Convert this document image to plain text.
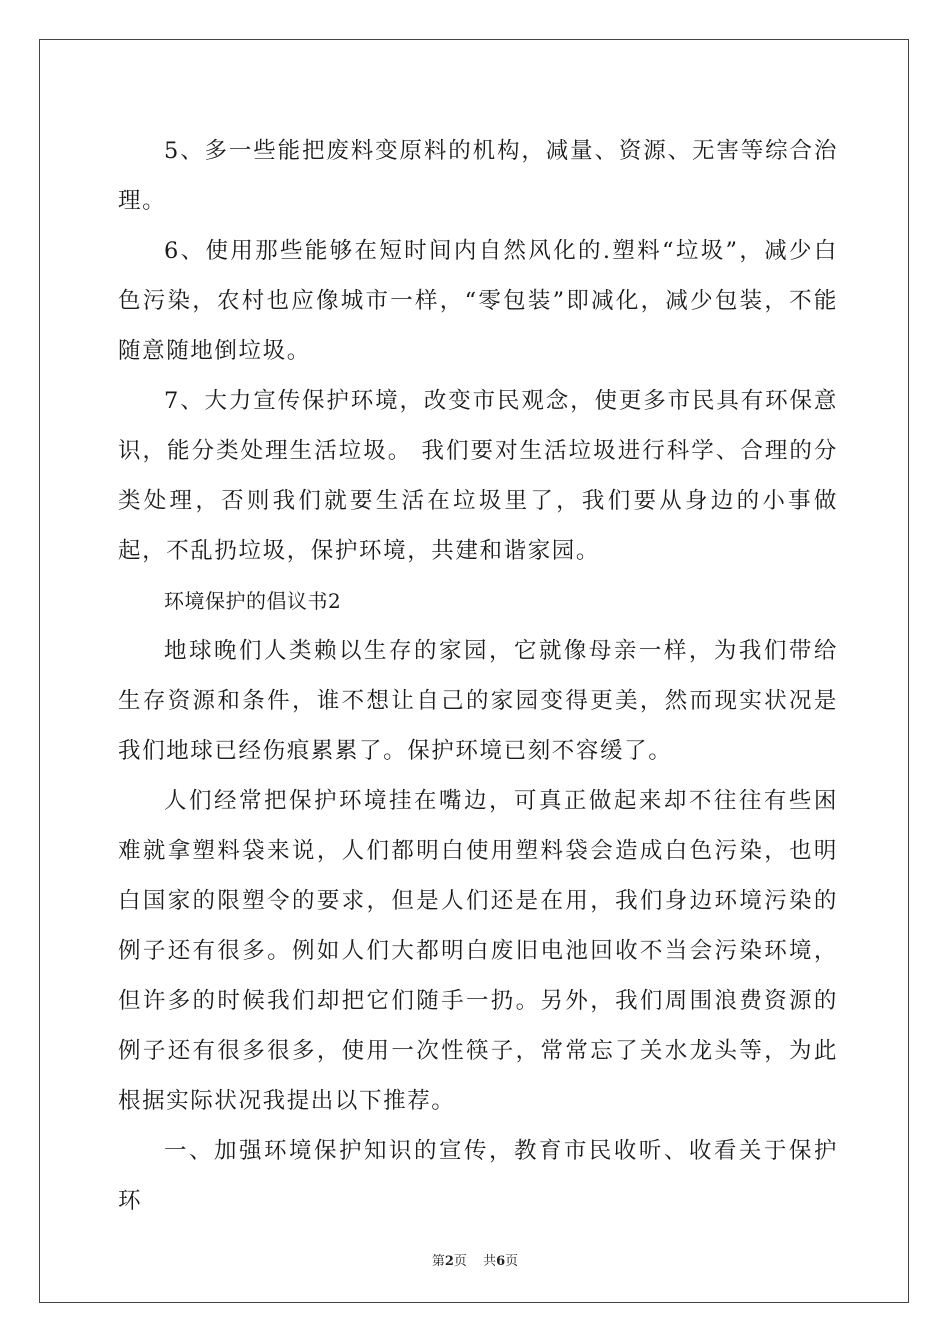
5、多一些能把废料变原料的机构，减量、资源、无害等综合治理。

6、使用那些能够在短时间内自然风化的.塑料“垃圾”，减少白色污染，农村也应像城市一样，“零包装”即减化，减少包装，不能随意随地倒垃圾。

7、大力宣传保护环境，改变市民观念，使更多市民具有环保意识，能分类处理生活垃圾。 我们要对生活垃圾进行科学、合理的分类处理，否则我们就要生活在垃圾里了，我们要从身边的小事做起，不乱扔垃圾，保护环境，共建和谐家园。

环境保护的倡议书2

地球晚们人类赖以生存的家园，它就像母亲一样，为我们带给生存资源和条件，谁不想让自己的家园变得更美，然而现实状况是我们地球已经伤痕累累了。保护环境已刻不容缓了。

人们经常把保护环境挂在嘴边，可真正做起来却不往往有些困难就拿塑料袋来说，人们都明白使用塑料袋会造成白色污染，也明白国家的限塑令的要求，但是人们还是在用，我们身边环境污染的例子还有很多。例如人们大都明白废旧电池回收不当会污染环境，但许多的时候我们却把它们随手一扔。另外，我们周围浪费资源的例子还有很多很多，使用一次性筷子，常常忘了关水龙头等，为此根据实际状况我提出以下推荐。

一、加强环境保护知识的宣传，教育市民收听、收看关于保护环

第2页 共6页
